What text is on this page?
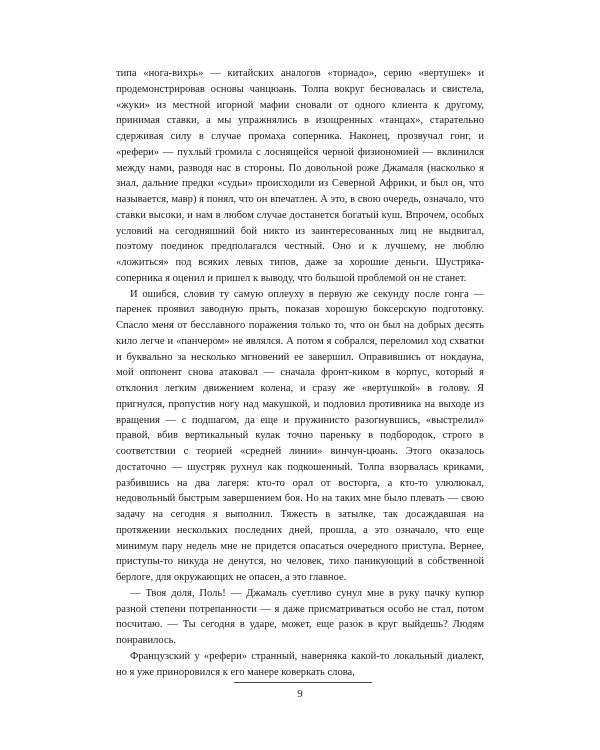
типа «нога-вихрь» — китайских аналогов «торнадо», серию «вертушек» и продемонстрировав основы чанцюань. Толпа вокруг бесновалась и свистела, «жуки» из местной игорной мафии сновали от одного клиента к другому, принимая ставки, а мы упражнялись в изощренных «танцах», старательно сдерживая силу в случае промаха соперника. Наконец, прозвучал гонг, и «рефери» — пухлый громила с лоснящейся черной физиономией — вклинился между нами, разводя нас в стороны. По довольной роже Джамаля (насколько я знал, дальние предки «судьи» происходили из Северной Африки, и был он, что называется, мавр) я понял, что он впечатлен. А это, в свою очередь, означало, что ставки высоки, и нам в любом случае достанется богатый куш. Впрочем, особых условий на сегодняшний бой никто из заинтересованных лиц не выдвигал, поэтому поединок предполагался честный. Оно и к лучшему, не люблю «ложиться» под всяких левых типов, даже за хорошие деньги. Шустряка-соперника я оценил и пришел к выводу, что большой проблемой он не станет.

И ошибся, словив ту самую оплеуху в первую же секунду после гонга — паренек проявил заводную прыть, показав хорошую боксерскую подготовку. Спасло меня от бесславного поражения только то, что он был на добрых десять кило легче и «панчером» не являлся. А потом я собрался, переломил ход схватки и буквально за несколько мгновений ее завершил. Оправившись от нокдауна, мой оппонент снова атаковал — сначала фронт-киком в корпус, который я отклонил легким движением колена, и сразу же «вертушкой» в голову. Я пригнулся, пропустив ногу над макушкой, и подловил противника на выходе из вращения — с подшагом, да еще и пружинисто разогнувшись, «выстрелил» правой, вбив вертикальный кулак точно пареньку в подбородок, строго в соответствии с теорией «средней линии» винчун-цюань. Этого оказалось достаточно — шустряк рухнул как подкошенный. Толпа взорвалась криками, разбившись на два лагеря: кто-то орал от восторга, а кто-то улюлюкал, недовольный быстрым завершением боя. Но на таких мне было плевать — свою задачу на сегодня я выполнил. Тяжесть в затылке, так досаждавшая на протяжении нескольких последних дней, прошла, а это означало, что еще минимум пару недель мне не придется опасаться очередного приступа. Вернее, приступы-то никуда не денутся, но человек, тихо паникующий в собственной берлоге, для окружающих не опасен, а это главное.

— Твоя доля, Поль! — Джамаль суетливо сунул мне в руку пачку купюр разной степени потрепанности — я даже присматриваться особо не стал, потом посчитаю. — Ты сегодня в ударе, может, еще разок в круг выйдешь? Людям понравилось.

Французский у «рефери» странный, наверняка какой-то локальный диалект, но я уже приноровился к его манере коверкать слова,

9
